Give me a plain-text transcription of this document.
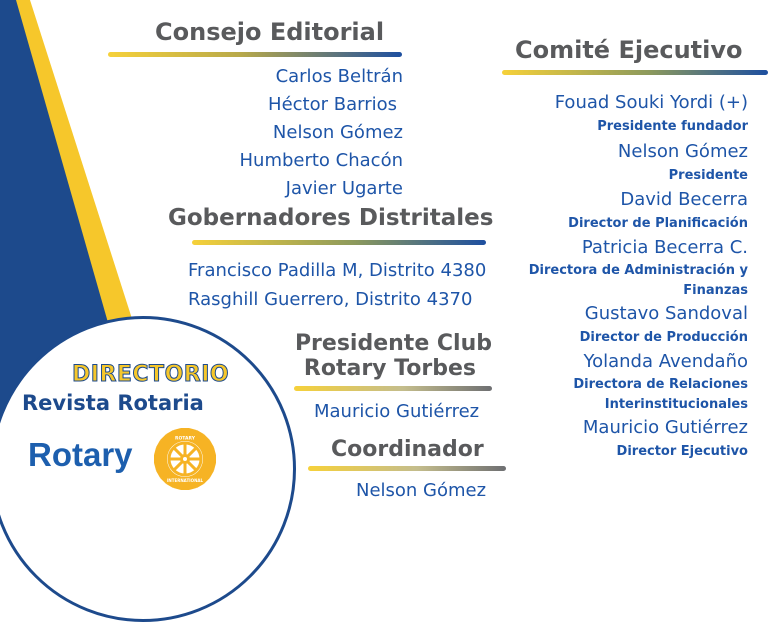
DIRECTORIO
Revista Rotaria
Rotary	ROTARY
INTERNATIONAL
Consejo Editorial
Carlos Beltrán
Héctor Barrios
Nelson Gómez
Humberto Chacón
Javier Ugarte
Gobernadores Distritales
Francisco Padilla M, Distrito 4380
Rasghill Guerrero, Distrito 4370
Presidente Club
Rotary Torbes
Mauricio Gutiérrez
Coordinador
Nelson Gómez
Comité Ejecutivo
Fouad Souki Yordi (+)
Presidente fundador
Nelson Gómez
Presidente
David Becerra
Director de Planificación
Patricia Becerra C.
Directora de Administración y
Finanzas
Gustavo Sandoval
Director de Producción
Yolanda Avendaño
Directora de Relaciones
Interinstitucionales
Mauricio Gutiérrez
Director Ejecutivo
